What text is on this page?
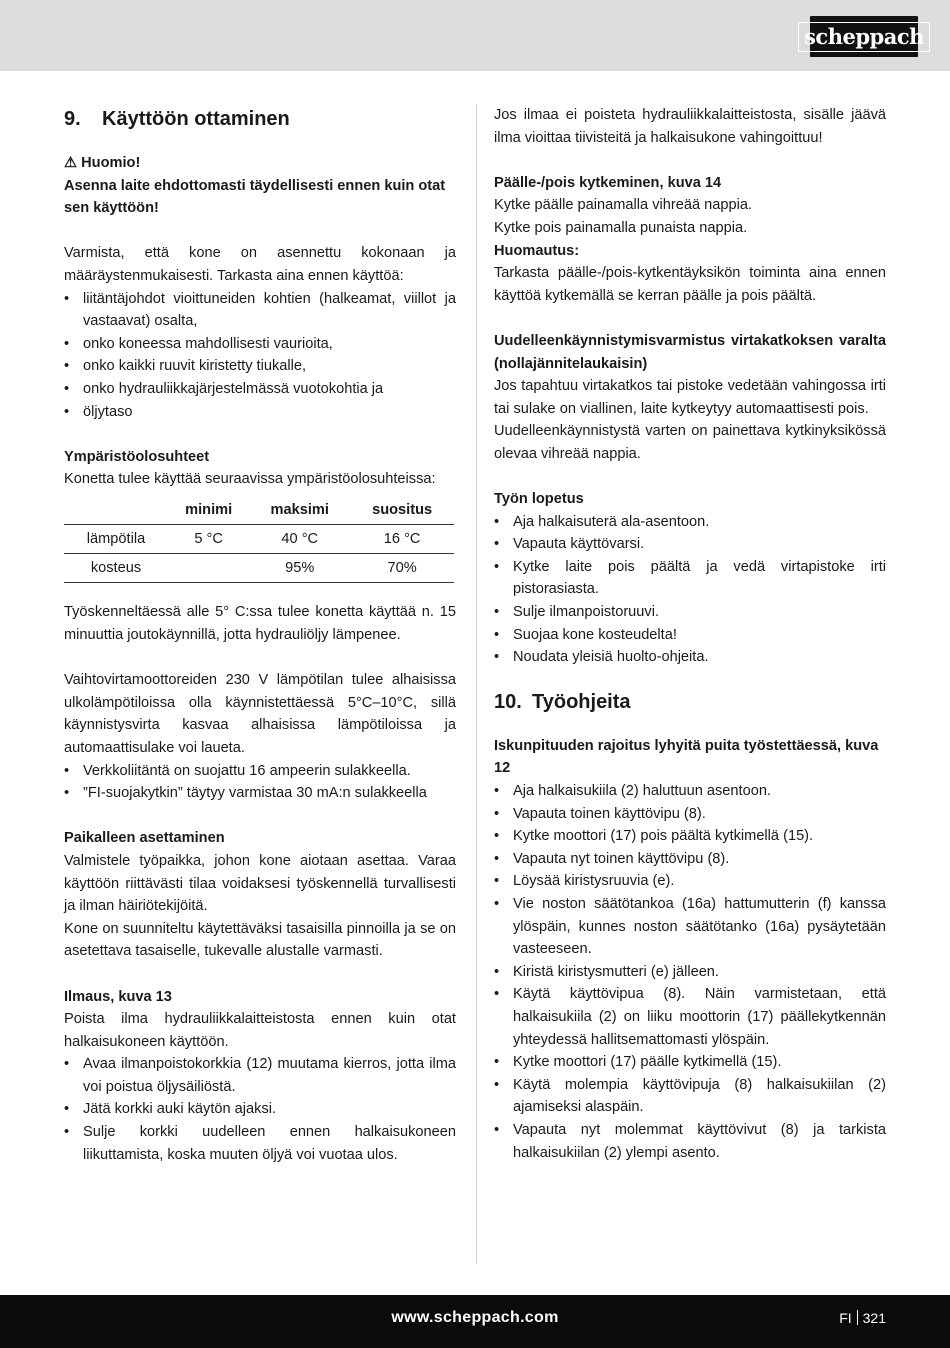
scheppach
9.	Käyttöön ottaminen

⚠ Huomio!

Asenna laite ehdottomasti täydellisesti ennen kuin otat sen käyttöön!

Varmista, että kone on asennettu kokonaan ja määräystenmukaisesti. Tarkasta aina ennen käyttöä:

• liitäntäjohdot vioittuneiden kohtien (halkeamat, viillot ja vastaavat) osalta,
• onko koneessa mahdollisesti vaurioita,
• onko kaikki ruuvit kiristetty tiukalle,
• onko hydrauliikkajärjestelmässä vuotokohtia ja
• öljytaso

Ympäristöolosuhteet

Konetta tulee käyttää seuraavissa ympäristöolosuhteissa:

	minimi	maksimi	suositus
lämpötila	5 °C	40 °C	16 °C
kosteus		95%	70%

Työskenneltäessä alle 5° C:ssa tulee konetta käyttää n. 15 minuuttia joutokäynnillä, jotta hydrauliöljy lämpenee.

Vaihtovirtamoottoreiden 230 V lämpötilan tulee alhaisissa ulkolämpötiloissa olla käynnistettäessä 5°C–10°C, sillä käynnistysvirta kasvaa alhaisissa lämpötiloissa ja automaattisulake voi laueta.

• Verkkoliitäntä on suojattu 16 ampeerin sulakkeella.
• ”FI-suojakytkin” täytyy varmistaa 30 mA:n sulakkeella

Paikalleen asettaminen

Valmistele työpaikka, johon kone aiotaan asettaa. Varaa käyttöön riittävästi tilaa voidaksesi työskennellä turvallisesti ja ilman häiriötekijöitä.

Kone on suunniteltu käytettäväksi tasaisilla pinnoilla ja se on asetettava tasaiselle, tukevalle alustalle varmasti.

Ilmaus, kuva 13

Poista ilma hydrauliikkalaitteistosta ennen kuin otat halkaisukoneen käyttöön.

• Avaa ilmanpoistokorkkia (12) muutama kierros, jotta ilma voi poistua öljysäiliöstä.
• Jätä korkki auki käytön ajaksi.
• Sulje korkki uudelleen ennen halkaisukoneen liikuttamista, koska muuten öljyä voi vuotaa ulos.

Jos ilmaa ei poisteta hydrauliikkalaitteistosta, sisälle jäävä ilma vioittaa tiivisteitä ja halkaisukone vahingoittuu!

Päälle-/pois kytkeminen, kuva 14

Kytke päälle painamalla vihreää nappia.

Kytke pois painamalla punaista nappia.

Huomautus:

Tarkasta päälle-/pois-kytkentäyksikön toiminta aina ennen käyttöä kytkemällä se kerran päälle ja pois päältä.

Uudelleenkäynnistymisvarmistus virtakatkoksen varalta (nollajännitelaukaisin)

Jos tapahtuu virtakatkos tai pistoke vedetään vahingossa irti tai sulake on viallinen, laite kytkeytyy automaattisesti pois.

Uudelleenkäynnistystä varten on painettava kytkinyksikössä olevaa vihreää nappia.

Työn lopetus

• Aja halkaisuterä ala-asentoon.
• Vapauta käyttövarsi.
• Kytke laite pois päältä ja vedä virtapistoke irti pistorasiasta.
• Sulje ilmanpoistoruuvi.
• Suojaa kone kosteudelta!
• Noudata yleisiä huolto-ohjeita.
10. Työohjeita

Iskunpituuden rajoitus lyhyitä puita työstettäessä, kuva 12

• Aja halkaisukiila (2) haluttuun asentoon.
• Vapauta toinen käyttövipu (8).
• Kytke moottori (17) pois päältä kytkimellä (15).
• Vapauta nyt toinen käyttövipu (8).
• Löysää kiristysruuvia (e).
• Vie noston säätötankoa (16a) hattumutterin (f) kanssa ylöspäin, kunnes noston säätötanko (16a) pysäytetään vasteeseen.
• Kiristä kiristysmutteri (e) jälleen.
• Käytä käyttövipua (8). Näin varmistetaan, että halkaisukiila (2) on liiku moottorin (17) päällekytkennän yhteydessä hallitsemattomasti ylöspäin.
• Kytke moottori (17) päälle kytkimellä (15).
• Käytä molempia käyttövipuja (8) halkaisukiilan (2) ajamiseksi alaspäin.
• Vapauta nyt molemmat käyttövivut (8) ja tarkista halkaisukiilan (2) ylempi asento.
www.scheppach.com	FI 321
